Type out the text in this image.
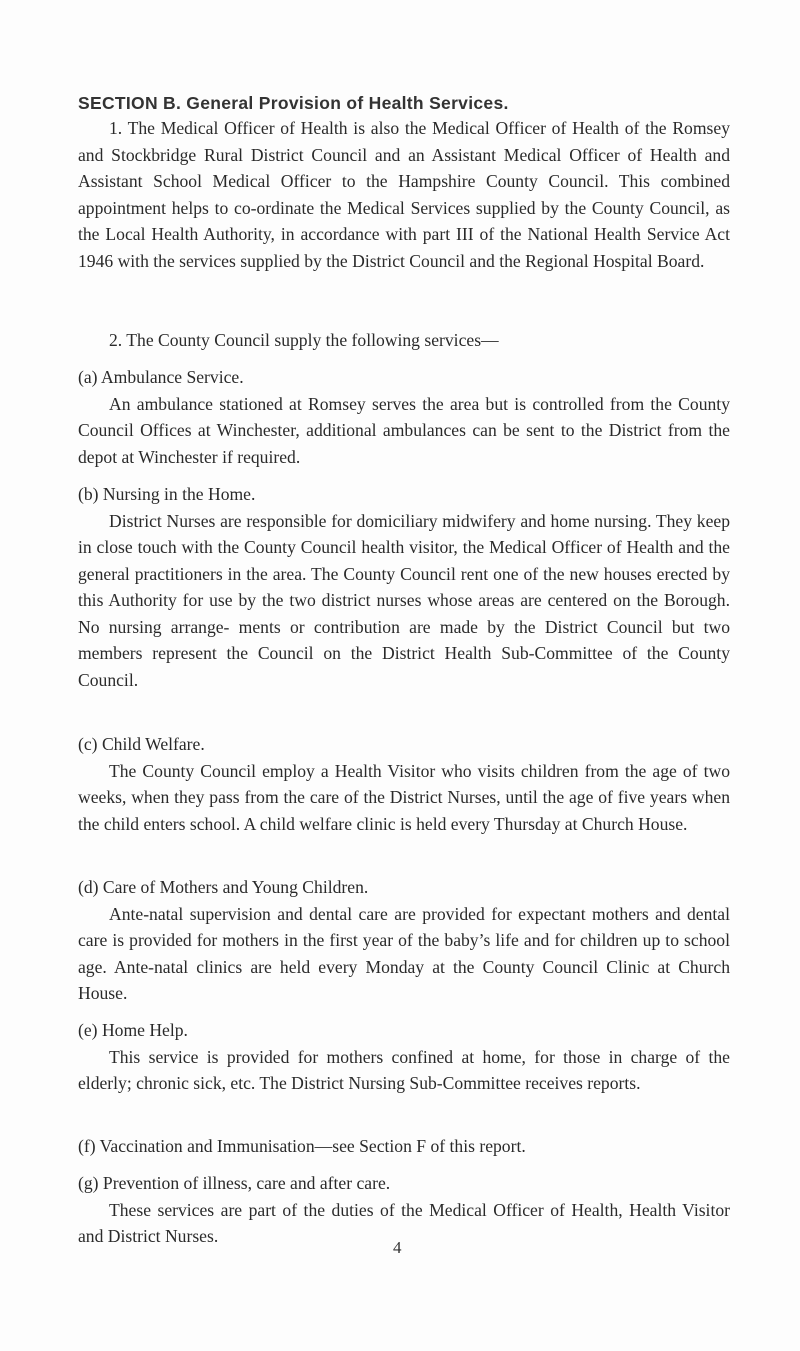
SECTION B. General Provision of Health Services.

1. The Medical Officer of Health is also the Medical Officer of Health of the Romsey and Stockbridge Rural District Council and an Assistant Medical Officer of Health and Assistant School Medical Officer to the Hampshire County Council. This combined appointment helps to co-ordinate the Medical Services supplied by the County Council, as the Local Health Authority, in accordance with part III of the National Health Service Act 1946 with the services supplied by the District Council and the Regional Hospital Board.

2. The County Council supply the following services—

(a) Ambulance Service.

An ambulance stationed at Romsey serves the area but is controlled from the County Council Offices at Winchester, additional ambulances can be sent to the District from the depot at Winchester if required.

(b) Nursing in the Home.

District Nurses are responsible for domiciliary midwifery and home nursing. They keep in close touch with the County Council health visitor, the Medical Officer of Health and the general practitioners in the area. The County Council rent one of the new houses erected by this Authority for use by the two district nurses whose areas are centered on the Borough. No nursing arrange- ments or contribution are made by the District Council but two members represent the Council on the District Health Sub-Committee of the County Council.

(c) Child Welfare.

The County Council employ a Health Visitor who visits children from the age of two weeks, when they pass from the care of the District Nurses, until the age of five years when the child enters school. A child welfare clinic is held every Thursday at Church House.

(d) Care of Mothers and Young Children.

Ante-natal supervision and dental care are provided for expectant mothers and dental care is provided for mothers in the first year of the baby’s life and for children up to school age. Ante-natal clinics are held every Monday at the County Council Clinic at Church House.

(e) Home Help.

This service is provided for mothers confined at home, for those in charge of the elderly; chronic sick, etc. The District Nursing Sub-Committee receives reports.

(f) Vaccination and Immunisation—see Section F of this report.
(g) Prevention of illness, care and after care.

These services are part of the duties of the Medical Officer of Health, Health Visitor and District Nurses.

4
